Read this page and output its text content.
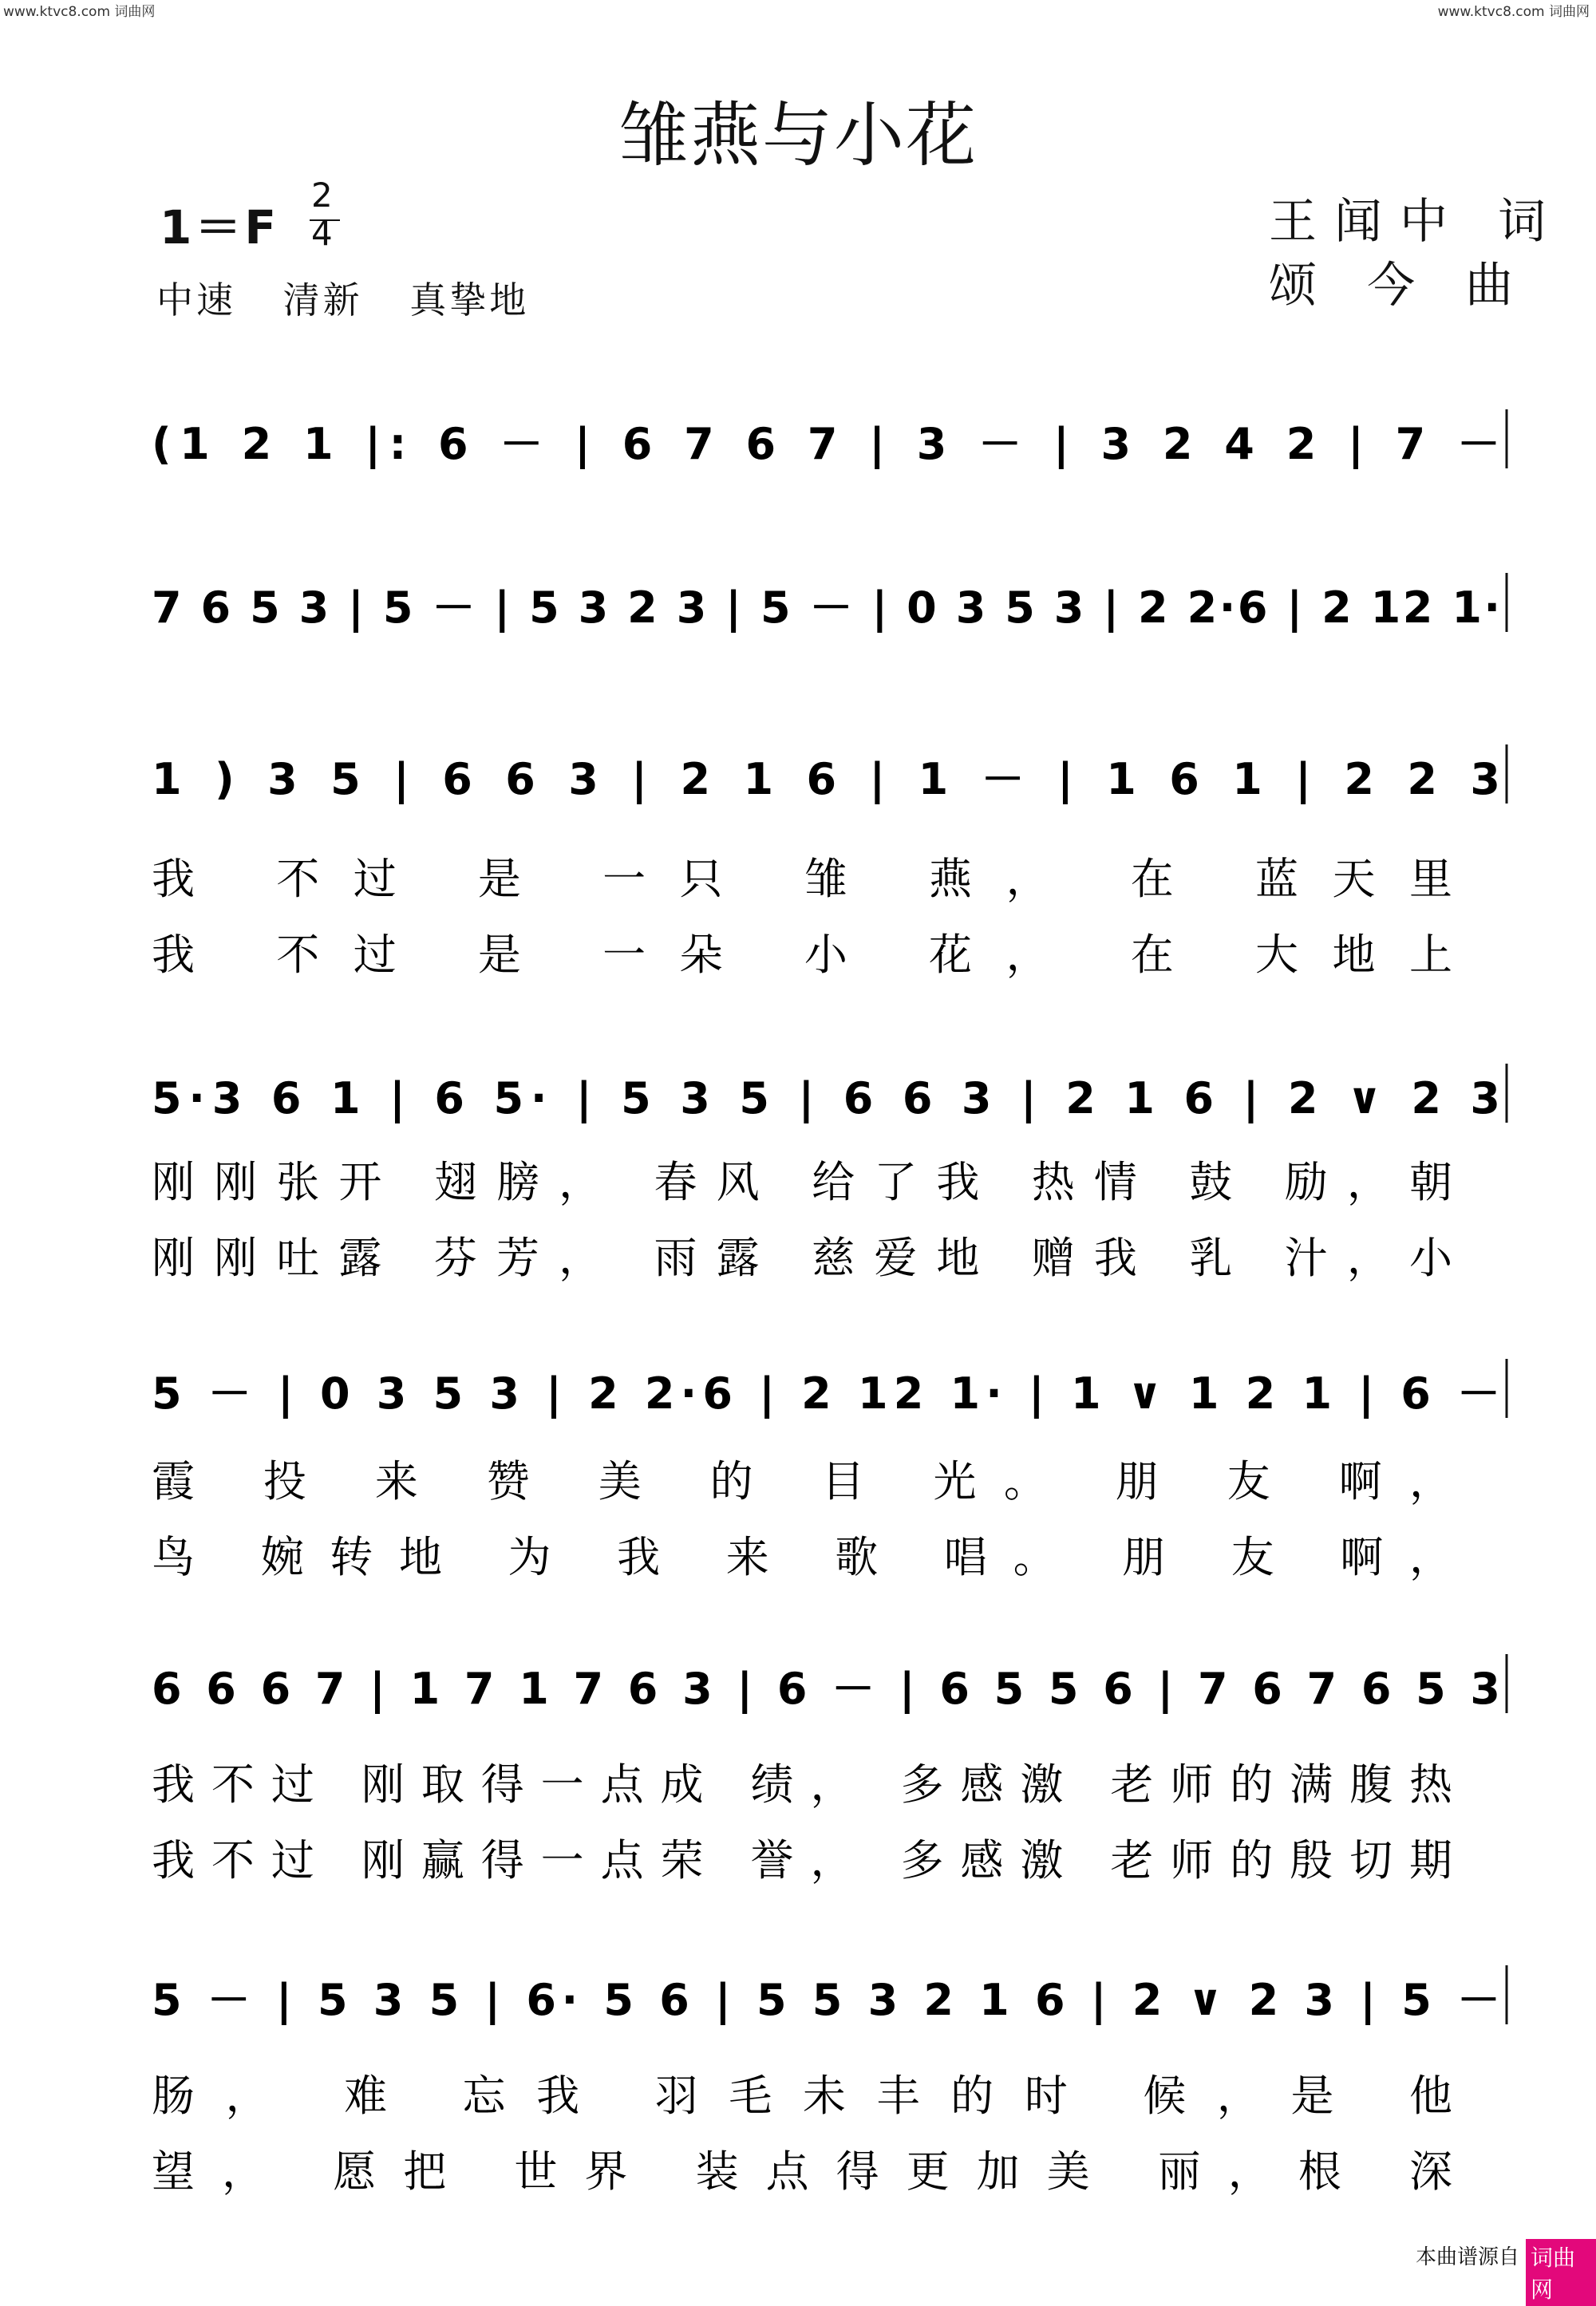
www.ktvc8.com 词曲网	www.ktvc8.com 词曲网
雏燕与小花
1＝F
2
4
中速 清新 真挚地
王闻中 词
颂 今 曲
(1 2 1 |: 6 － | 6 7 6 7 | 3 － | 3 2 4 2 | 7 －
7 6 5 3 | 5 － | 5 3 2 3 | 5 － | 0 3 5 3 | 2 2·6 | 2 12 1·
1 ) 3 5 | 6 6 3 | 2 1 6 | 1 － | 1 6 1 | 2 2 3
我 不过 是 一只 雏 燕， 在 蓝天里
我 不过 是 一朵 小 花， 在 大地上
5·3 6 1 | 6 5· | 5 3 5 | 6 6 3 | 2 1 6 | 2 ∨ 2 3
刚刚张开 翅膀， 春风 给了我 热情 鼓 励，朝
刚刚吐露 芬芳， 雨露 慈爱地 赠我 乳 汁，小
5 － | 0 3 5 3 | 2 2·6 | 2 12 1· | 1 ∨ 1 2 1 | 6 －
霞 投 来 赞 美 的 目 光。 朋 友 啊，
鸟 婉转地 为 我 来 歌 唱。 朋 友 啊，
6 6 6 7 | 1 7 1 7 6 3 | 6 － | 6 5 5 6 | 7 6 7 6 5 3
我不过 刚取得一点成 绩， 多感激 老师的满腹热
我不过 刚赢得一点荣 誉， 多感激 老师的殷切期
5 － | 5 3 5 | 6· 5 6 | 5 5 3 2 1 6 | 2 ∨ 2 3 | 5 －
肠， 难 忘我 羽毛未丰的时 候，是 他
望， 愿把 世界 装点得更加美 丽，根 深
本曲谱源自 词曲网
